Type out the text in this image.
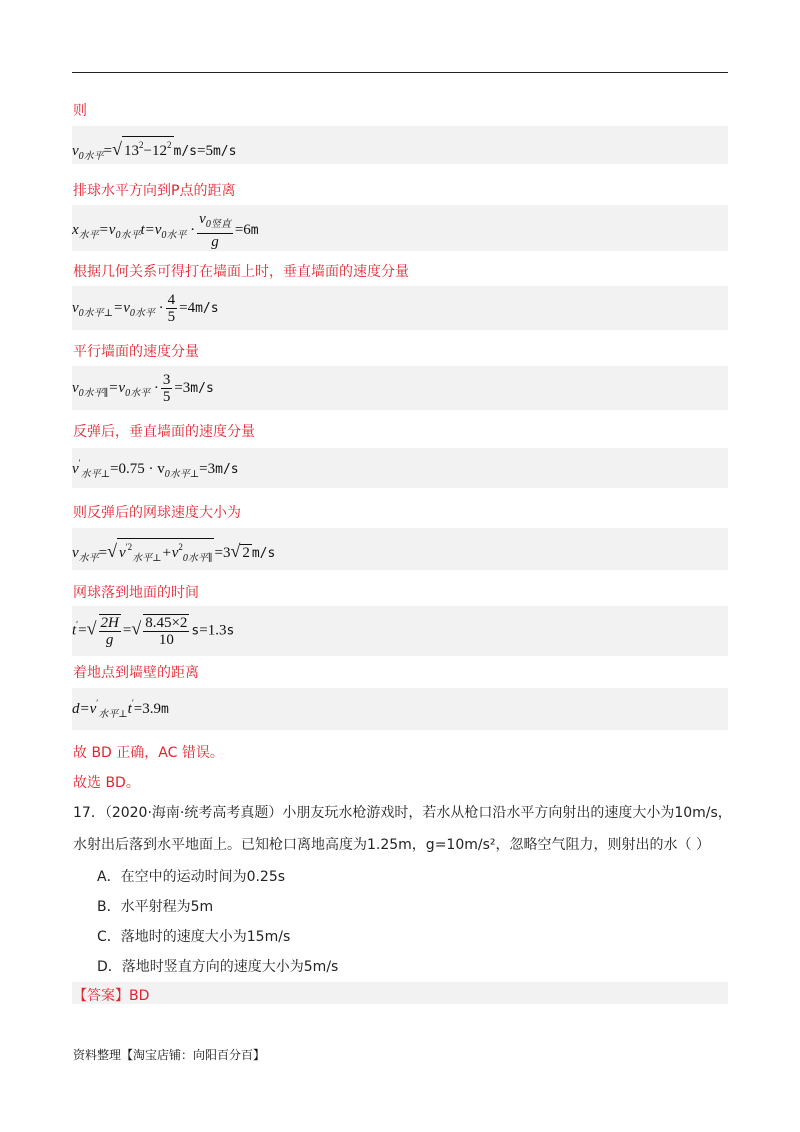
则
$v_{0水平}=√$ $13^2-12^2$ m/s=5m/s
排球水平方向到P点的距离
$x_{水平}=v_{0水平}t=v_{0水平} \cdot \frac{v_{0竖直}}{g} =6m$
根据几何关系可得打在墙面上时，垂直墙面的速度分量
$v_{0水平\perp}=v_{0水平} \cdot \frac{4}{5} =4m/s$
平行墙面的速度分量
$v_{0水平\parallel}=v_{0水平} \cdot \frac{3}{5} =3m/s$
反弹后，垂直墙面的速度分量
$v'_{水平\perp}=0.75 \cdot v_{0水平\perp}=3m/s$
则反弹后的网球速度大小为
$v_{水平}=√$ $v^{'2}_{水平\perp}+v^2_{0水平\parallel} =3√$ 2 m/s
网球落到地面的时间
$t'=√ \frac{2H}{g}$ =√ $\frac{8.45\times 2}{10} s=1.3s$
着地点到墙壁的距离
$d=v'_{水平\perp}t'=3.9m$
故 BD 正确，AC 错误。
故选 BD。
17．（2020·海南·统考高考真题）小朋友玩水枪游戏时，若水从枪口沿水平方向射出的速度大小为10m/s，
水射出后落到水平地面上。已知枪口离地高度为1.25m，g=10m/s²，忽略空气阻力，则射出的水（ ）
A．在空中的运动时间为0.25s
B．水平射程为5m
C．落地时的速度大小为15m/s
D．落地时竖直方向的速度大小为5m/s
【答案】BD
资料整理【淘宝店铺：向阳百分百】
